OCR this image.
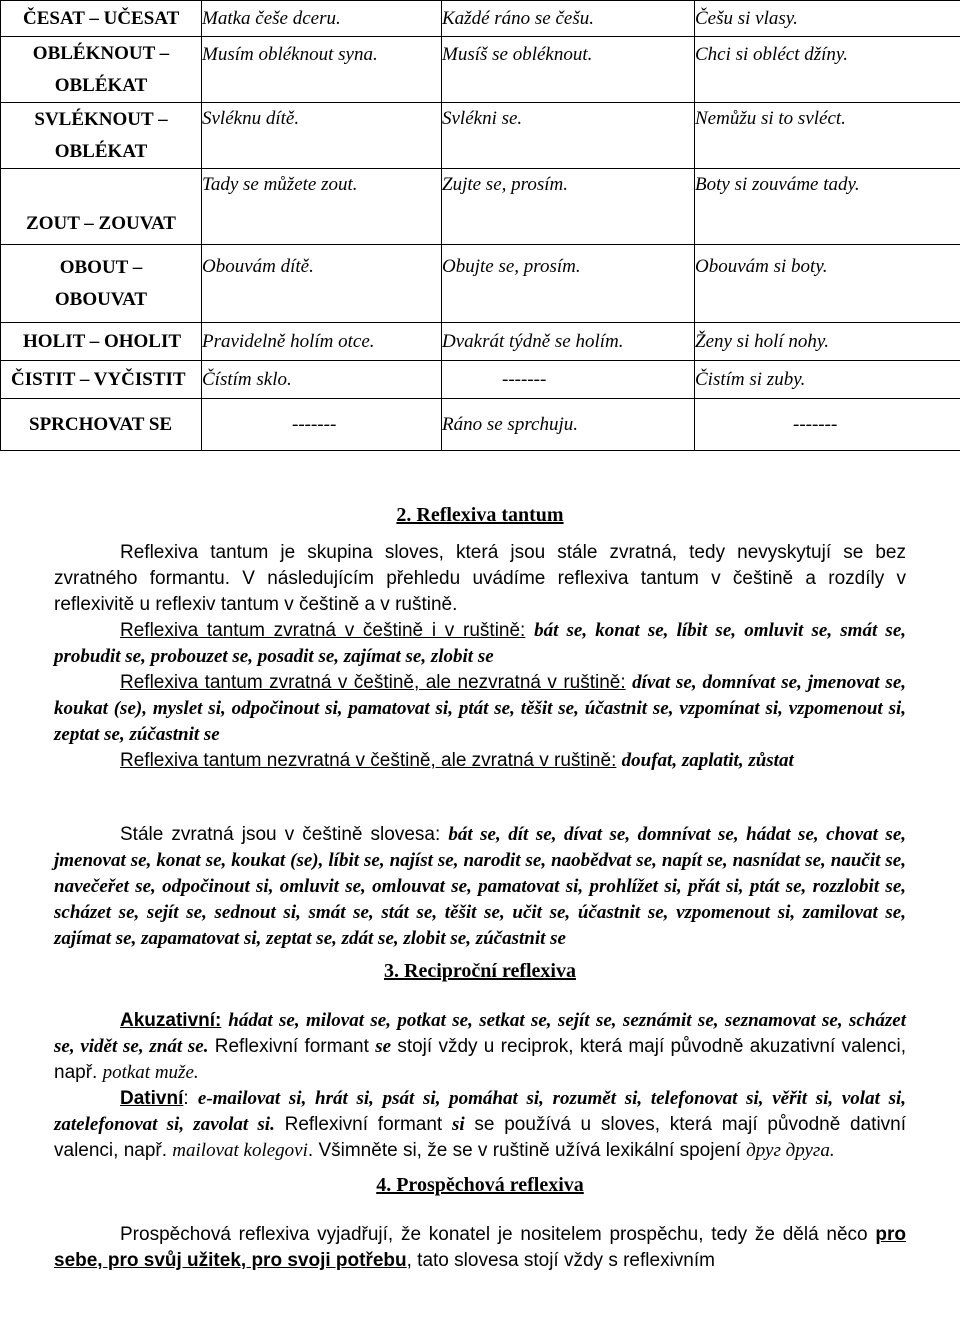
ČESAT – UČESAT	Matka češe dceru.	Každé ráno se češu.	Češu si vlasy.

OBLÉKNOUT – OBLÉKAT	Musím obléknout syna.	Musíš se obléknout.	Chci si obléct džíny.

SVLÉKNOUT – OBLÉKAT	Svléknu dítě.	Svlékni se.	Nemůžu si to svléct.
ZOUT – ZOUVAT	Tady se můžete zout.	Zujte se, prosím.	Boty si zouváme tady.

OBOUT – OBOUVAT	Obouvám dítě.	Obujte se, prosím.	Obouvám si boty.
HOLIT – OHOLIT	Pravidelně holím otce.	Dvakrát týdně se holím.	Ženy si holí nohy.
ČISTIT – VYČISTIT	Čístím sklo.	-------	Čistím si zuby.
SPRCHOVAT SE	-------	Ráno se sprchuju.	-------

2. Reflexiva tantum

Reflexiva tantum je skupina sloves, která jsou stále zvratná, tedy nevyskytují se bez zvratného formantu. V následujícím přehledu uvádíme reflexiva tantum v češtině a rozdíly v reflexivitě u reflexiv tantum v češtině a v ruštině.

Reflexiva tantum zvratná v češtině i v ruštině: bát se, konat se, líbit se, omluvit se, smát se, probudit se, probouzet se, posadit se, zajímat se, zlobit se

Reflexiva tantum zvratná v češtině, ale nezvratná v ruštině: dívat se, domnívat se, jmenovat se, koukat (se), myslet si, odpočinout si, pamatovat si, ptát se, těšit se, účastnit se, vzpomínat si, vzpomenout si, zeptat se, zúčastnit se

Reflexiva tantum nezvratná v češtině, ale zvratná v ruštině: doufat, zaplatit, zůstat

Stále zvratná jsou v češtině slovesa: bát se, dít se, dívat se, domnívat se, hádat se, chovat se, jmenovat se, konat se, koukat (se), líbit se, najíst se, narodit se, naobědvat se, napít se, nasnídat se, naučit se, navečeřet se, odpočinout si, omluvit se, omlouvat se, pamatovat si, prohlížet si, přát si, ptát se, rozzlobit se, scházet se, sejít se, sednout si, smát se, stát se, těšit se, učit se, účastnit se, vzpomenout si, zamilovat se, zajímat se, zapamatovat si, zeptat se, zdát se, zlobit se, zúčastnit se

3. Reciproční reflexiva

Akuzativní: hádat se, milovat se, potkat se, setkat se, sejít se, seznámit se, seznamovat se, scházet se, vidět se, znát se. Reflexivní formant se stojí vždy u reciprok, která mají původně akuzativní valenci, např. potkat muže.

Dativní: e-mailovat si, hrát si, psát si, pomáhat si, rozumět si, telefonovat si, věřit si, volat si, zatelefonovat si, zavolat si. Reflexivní formant si se používá u sloves, která mají původně dativní valenci, např. mailovat kolegovi. Všimněte si, že se v ruštině užívá lexikální spojení друг друга.

4. Prospěchová reflexiva

Prospěchová reflexiva vyjadřují, že konatel je nositelem prospěchu, tedy že dělá něco pro sebe, pro svůj užitek, pro svoji potřebu, tato slovesa stojí vždy s reflexivním
